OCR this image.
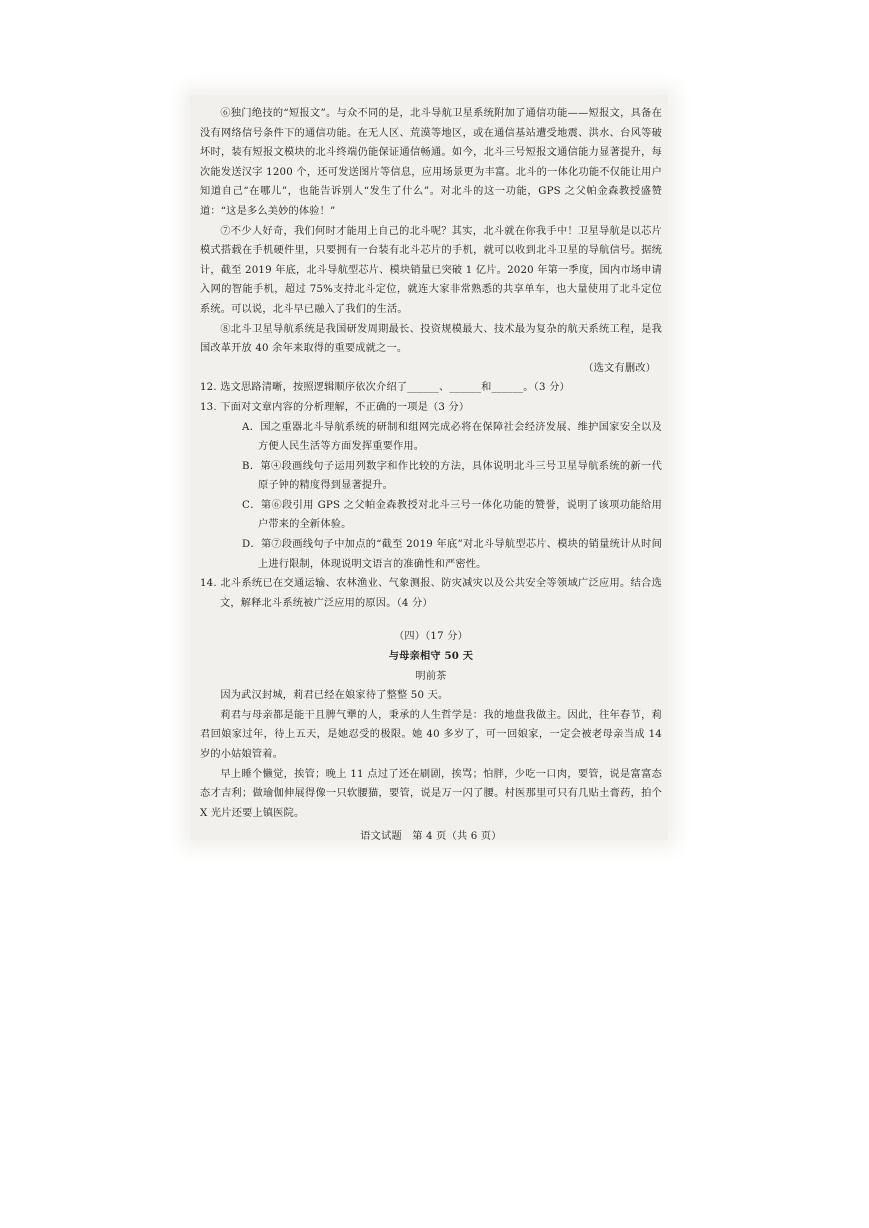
⑥独门绝技的“短报文”。与众不同的是，北斗导航卫星系统附加了通信功能——短报文，具备在没有网络信号条件下的通信功能。在无人区、荒漠等地区，或在通信基站遭受地震、洪水、台风等破坏时，装有短报文模块的北斗终端仍能保证通信畅通。如今，北斗三号短报文通信能力显著提升，每次能发送汉字 1200 个，还可发送图片等信息，应用场景更为丰富。北斗的一体化功能不仅能让用户知道自己“在哪儿”，也能告诉别人“发生了什么”。对北斗的这一功能，GPS 之父帕金森教授盛赞道：“这是多么美妙的体验！”

⑦不少人好奇，我们何时才能用上自己的北斗呢？其实，北斗就在你我手中！卫星导航是以芯片模式搭载在手机硬件里，只要拥有一台装有北斗芯片的手机，就可以收到北斗卫星的导航信号。据统计，截至 2019 年底，北斗导航型芯片、模块销量已突破 1 亿片。2020 年第一季度，国内市场申请入网的智能手机，超过 75%支持北斗定位，就连大家非常熟悉的共享单车，也大量使用了北斗定位系统。可以说，北斗早已融入了我们的生活。

⑧北斗卫星导航系统是我国研发周期最长、投资规模最大、技术最为复杂的航天系统工程，是我国改革开放 40 余年来取得的重要成就之一。

（选文有删改）

12. 选文思路清晰，按照逻辑顺序依次介绍了______、______和______。（3 分）

13. 下面对文章内容的分析理解，不正确的一项是（3 分）

A．国之重器北斗导航系统的研制和组网完成必将在保障社会经济发展、维护国家安全以及方便人民生活等方面发挥重要作用。

B．第④段画线句子运用列数字和作比较的方法，具体说明北斗三号卫星导航系统的新一代原子钟的精度得到显著提升。

C．第⑥段引用 GPS 之父帕金森教授对北斗三号一体化功能的赞誉，说明了该项功能给用户带来的全新体验。

D．第⑦段画线句子中加点的“截至 2019 年底”对北斗导航型芯片、模块的销量统计从时间上进行限制，体现说明文语言的准确性和严密性。

14. 北斗系统已在交通运输、农林渔业、气象测报、防灾减灾以及公共安全等领域广泛应用。结合选文，解释北斗系统被广泛应用的原因。（4 分）

（四）（17 分）

与母亲相守 50 天

明前茶

因为武汉封城，莉君已经在娘家待了整整 50 天。

莉君与母亲都是能干且脾气犟的人，秉承的人生哲学是：我的地盘我做主。因此，往年春节，莉君回娘家过年，待上五天，是她忍受的极限。她 40 多岁了，可一回娘家，一定会被老母亲当成 14 岁的小姑娘管着。

早上睡个懒觉，挨管；晚上 11 点过了还在刷剧，挨骂；怕胖，少吃一口肉，要管，说是富富态态才吉利；做瑜伽伸展得像一只软腰猫，要管，说是万一闪了腰。村医那里可只有几贴土膏药，拍个 X 光片还要上镇医院。

语文试题　第 4 页（共 6 页）
